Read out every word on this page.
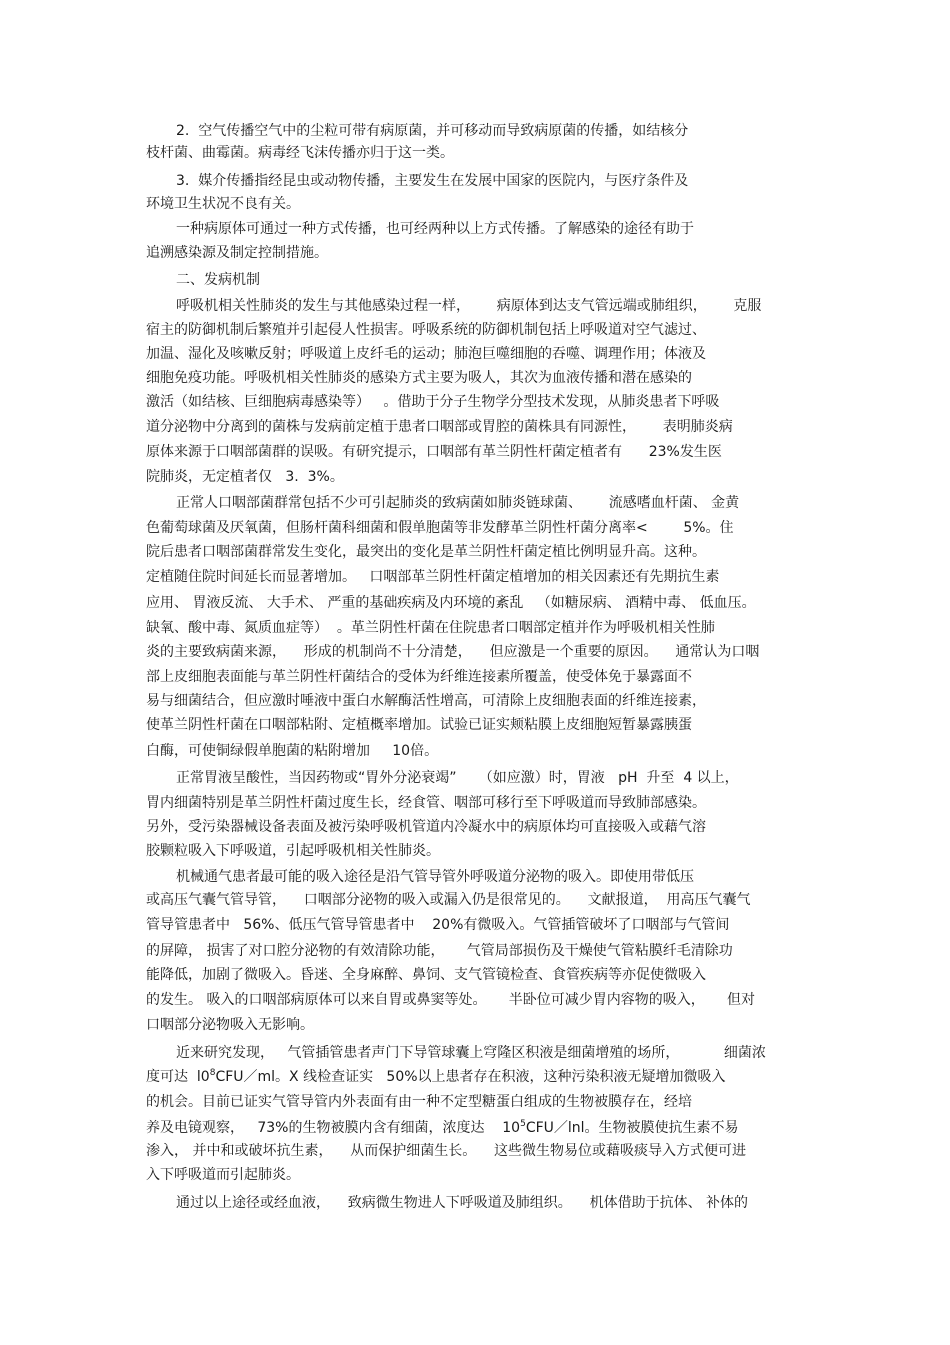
2.  空气传播空气中的尘粒可带有病原菌，并可移动而导致病原菌的传播，如结核分
枝杆菌、曲霉菌。病毒经飞沫传播亦归于这一类。
3.  媒介传播指经昆虫或动物传播，主要发生在发展中国家的医院内，与医疗条件及
环境卫生状况不良有关。
一种病原体可通过一种方式传播，也可经两种以上方式传播。了解感染的途径有助于
追溯感染源及制定控制措施。
二、发病机制
呼吸机相关性肺炎的发生与其他感染过程一样，      病原体到达支气管远端或肺组织，      克服
宿主的防御机制后繁殖并引起侵人性损害。呼吸系统的防御机制包括上呼吸道对空气滤过、
加温、湿化及咳嗽反射；呼吸道上皮纤毛的运动；肺泡巨噬细胞的吞噬、调理作用；体液及
细胞免疫功能。呼吸机相关性肺炎的感染方式主要为吸人，其次为血液传播和潜在感染的
激活（如结核、巨细胞病毒感染等）   。借助于分子生物学分型技术发现，从肺炎患者下呼吸
道分泌物中分离到的菌株与发病前定植于患者口咽部或胃腔的菌株具有同源性，      表明肺炎病
原体来源于口咽部菌群的误吸。有研究提示，口咽部有革兰阴性杆菌定植者有      23%发生医
院肺炎，无定植者仅   3.  3%。
正常人口咽部菌群常包括不少可引起肺炎的致病菌如肺炎链球菌、      流感嗜血杆菌、 金黄
色葡萄球菌及厌氧菌，但肠杆菌科细菌和假单胞菌等非发酵革兰阴性杆菌分离率<        5%。住
院后患者口咽部菌群常发生变化，最突出的变化是革兰阴性杆菌定植比例明显升高。这种。
定植随住院时间延长而显著增加。   口咽部革兰阴性杆菌定植增加的相关因素还有先期抗生素
应用、 胃液反流、 大手术、 严重的基础疾病及内环境的紊乱   （如糖尿病、 酒精中毒、 低血压。
缺氧、酸中毒、氮质血症等）  。革兰阴性杆菌在住院患者口咽部定植并作为呼吸机相关性肺
炎的主要致病菌来源，    形成的机制尚不十分清楚，    但应激是一个重要的原因。    通常认为口咽
部上皮细胞表面能与革兰阴性杆菌结合的受体为纤维连接素所覆盖，使受体免于暴露面不
易与细菌结合，但应激时唾液中蛋白水解酶活性增高，可清除上皮细胞表面的纤维连接素，
使革兰阴性杆菌在口咽部粘附、定植概率增加。试验已证实颊粘膜上皮细胞短暂暴露胰蛋
白酶，可使铜绿假单胞菌的粘附增加     10倍。
正常胃液呈酸性，当因药物或“胃外分泌衰竭”     （如应激）时，胃液   pH  升至  4 以上，
胃内细菌特别是革兰阴性杆菌过度生长，经食管、咽部可移行至下呼吸道而导致肺部感染。
另外，受污染器械设备表面及被污染呼吸机管道内冷凝水中的病原体均可直接吸入或藉气溶
胶颗粒吸入下呼吸道，引起呼吸机相关性肺炎。
机械通气患者最可能的吸入途径是沿气管导管外呼吸道分泌物的吸入。即使用带低压
或高压气囊气管导管，    口咽部分泌物的吸入或漏入仍是很常见的。    文献报道，  用高压气囊气
管导管患者中   56%、低压气管导管患者中    20%有微吸入。气管插管破坏了口咽部与气管间
的屏障， 损害了对口腔分泌物的有效清除功能，     气管局部损伤及干燥使气管粘膜纤毛清除功
能降低，加剧了微吸入。昏迷、全身麻醉、鼻饲、支气管镜检查、食管疾病等亦促使微吸入
的发生。 吸入的口咽部病原体可以来自胃或鼻窦等处。     半卧位可减少胃内容物的吸入，     但对
口咽部分泌物吸入无影响。
近来研究发现，   气管插管患者声门下导管球囊上穹隆区积液是细菌增殖的场所，          细菌浓
度可达  $l0^8CFU/ml$。X 线检查证实   50%以上患者存在积液，这种污染积液无疑增加微吸入
的机会。目前已证实气管导管内外表面有由一种不定型糖蛋白组成的生物被膜存在，经培
养及电镜观察，   73%的生物被膜内含有细菌，浓度达    $10^5CFU/\ln l$。生物被膜使抗生素不易
渗入， 并中和或破坏抗生素，    从而保护细菌生长。    这些微生物易位或藉吸痰导入方式便可进
入下呼吸道而引起肺炎。
通过以上途径或经血液，    致病微生物进人下呼吸道及肺组织。    机体借助于抗体、 补体的
